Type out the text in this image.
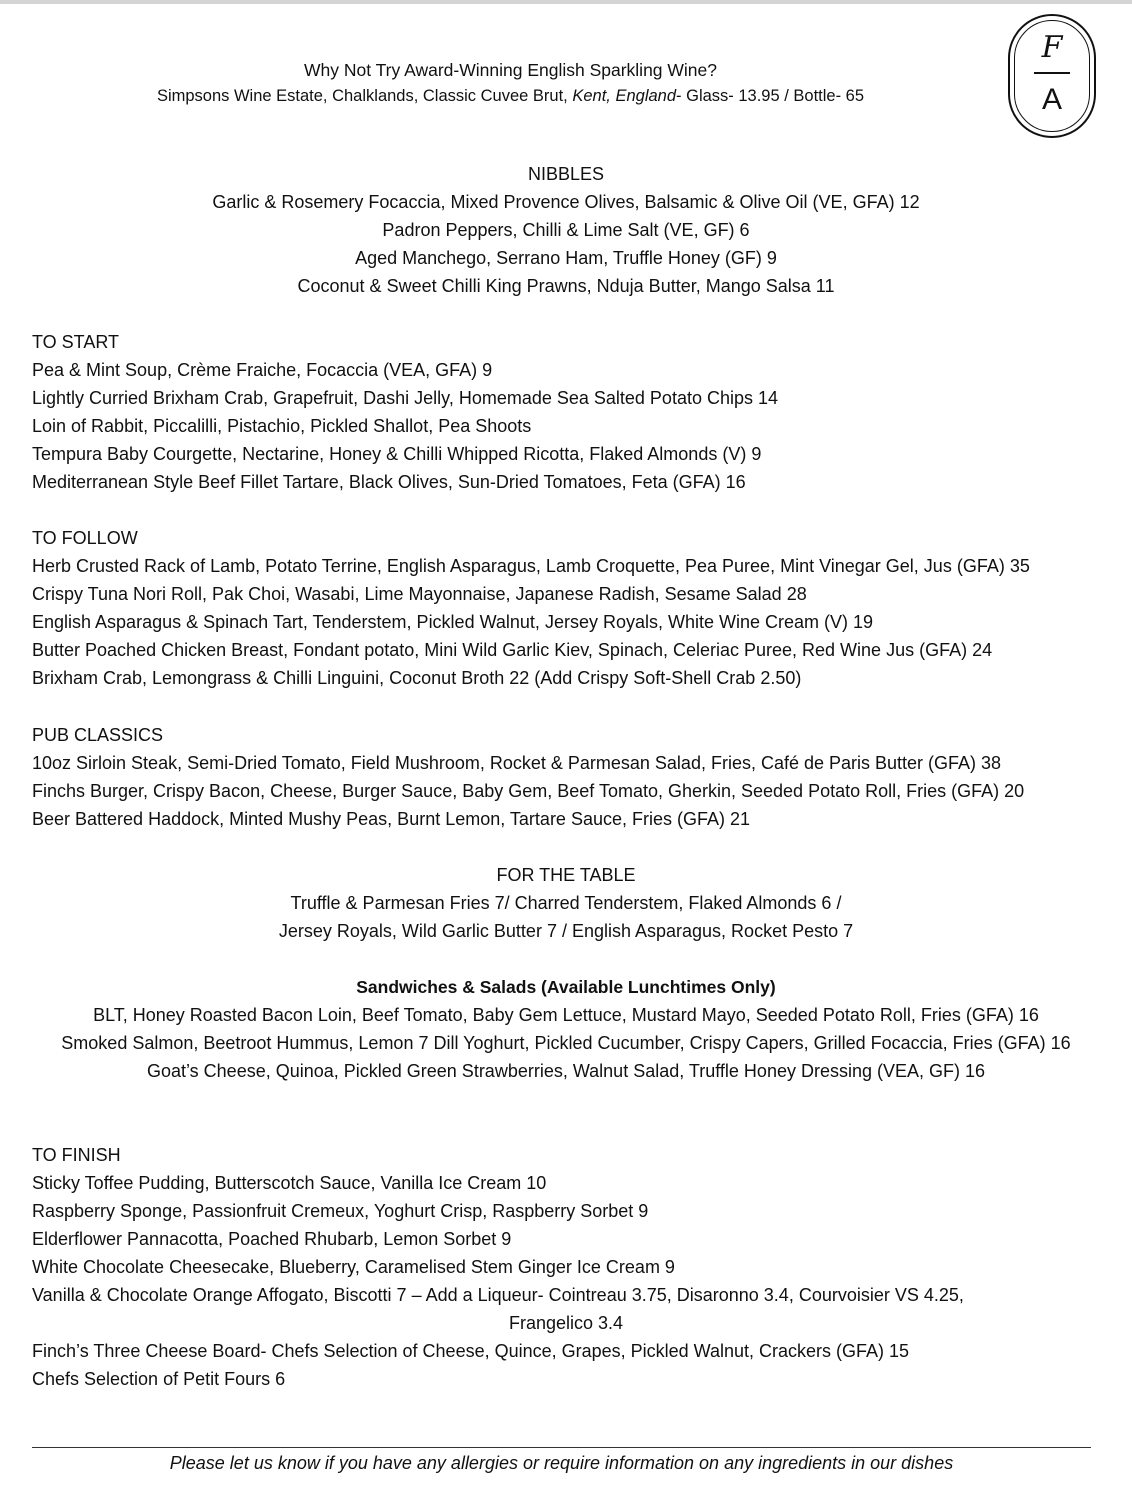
F
A
Why Not Try Award-Winning English Sparkling Wine?
Simpsons Wine Estate, Chalklands, Classic Cuvee Brut, Kent, England- Glass- 13.95 / Bottle- 65
NIBBLES
Garlic & Rosemery Focaccia, Mixed Provence Olives, Balsamic & Olive Oil (VE, GFA) 12
Padron Peppers, Chilli & Lime Salt (VE, GF) 6
Aged Manchego, Serrano Ham, Truffle Honey (GF) 9
Coconut & Sweet Chilli King Prawns, Nduja Butter, Mango Salsa 11
TO START
Pea & Mint Soup, Crème Fraiche, Focaccia (VEA, GFA) 9
Lightly Curried Brixham Crab, Grapefruit, Dashi Jelly, Homemade Sea Salted Potato Chips 14
Loin of Rabbit, Piccalilli, Pistachio, Pickled Shallot, Pea Shoots
Tempura Baby Courgette, Nectarine, Honey & Chilli Whipped Ricotta, Flaked Almonds (V) 9
Mediterranean Style Beef Fillet Tartare, Black Olives, Sun-Dried Tomatoes, Feta (GFA) 16
TO FOLLOW
Herb Crusted Rack of Lamb, Potato Terrine, English Asparagus, Lamb Croquette, Pea Puree, Mint Vinegar Gel, Jus (GFA) 35
Crispy Tuna Nori Roll, Pak Choi, Wasabi, Lime Mayonnaise, Japanese Radish, Sesame Salad 28
English Asparagus & Spinach Tart, Tenderstem, Pickled Walnut, Jersey Royals, White Wine Cream (V) 19
Butter Poached Chicken Breast, Fondant potato, Mini Wild Garlic Kiev, Spinach, Celeriac Puree, Red Wine Jus (GFA) 24
Brixham Crab, Lemongrass & Chilli Linguini, Coconut Broth 22 (Add Crispy Soft-Shell Crab 2.50)
PUB CLASSICS
10oz Sirloin Steak, Semi-Dried Tomato, Field Mushroom, Rocket & Parmesan Salad, Fries, Café de Paris Butter (GFA) 38
Finchs Burger, Crispy Bacon, Cheese, Burger Sauce, Baby Gem, Beef Tomato, Gherkin, Seeded Potato Roll, Fries (GFA) 20
Beer Battered Haddock, Minted Mushy Peas, Burnt Lemon, Tartare Sauce, Fries (GFA) 21
FOR THE TABLE
Truffle & Parmesan Fries 7/ Charred Tenderstem, Flaked Almonds 6 /
Jersey Royals, Wild Garlic Butter 7 / English Asparagus, Rocket Pesto 7
Sandwiches & Salads (Available Lunchtimes Only)
BLT, Honey Roasted Bacon Loin, Beef Tomato, Baby Gem Lettuce, Mustard Mayo, Seeded Potato Roll, Fries (GFA) 16
Smoked Salmon, Beetroot Hummus, Lemon 7 Dill Yoghurt, Pickled Cucumber, Crispy Capers, Grilled Focaccia, Fries (GFA) 16
Goat’s Cheese, Quinoa, Pickled Green Strawberries, Walnut Salad, Truffle Honey Dressing (VEA, GF) 16
TO FINISH
Sticky Toffee Pudding, Butterscotch Sauce, Vanilla Ice Cream 10
Raspberry Sponge, Passionfruit Cremeux, Yoghurt Crisp, Raspberry Sorbet 9
Elderflower Pannacotta, Poached Rhubarb, Lemon Sorbet 9
White Chocolate Cheesecake, Blueberry, Caramelised Stem Ginger Ice Cream 9
Vanilla & Chocolate Orange Affogato, Biscotti 7 – Add a Liqueur- Cointreau 3.75, Disaronno 3.4, Courvoisier VS 4.25,
Frangelico 3.4
Finch’s Three Cheese Board- Chefs Selection of Cheese, Quince, Grapes, Pickled Walnut, Crackers (GFA) 15
Chefs Selection of Petit Fours 6
Please let us know if you have any allergies or require information on any ingredients in our dishes
